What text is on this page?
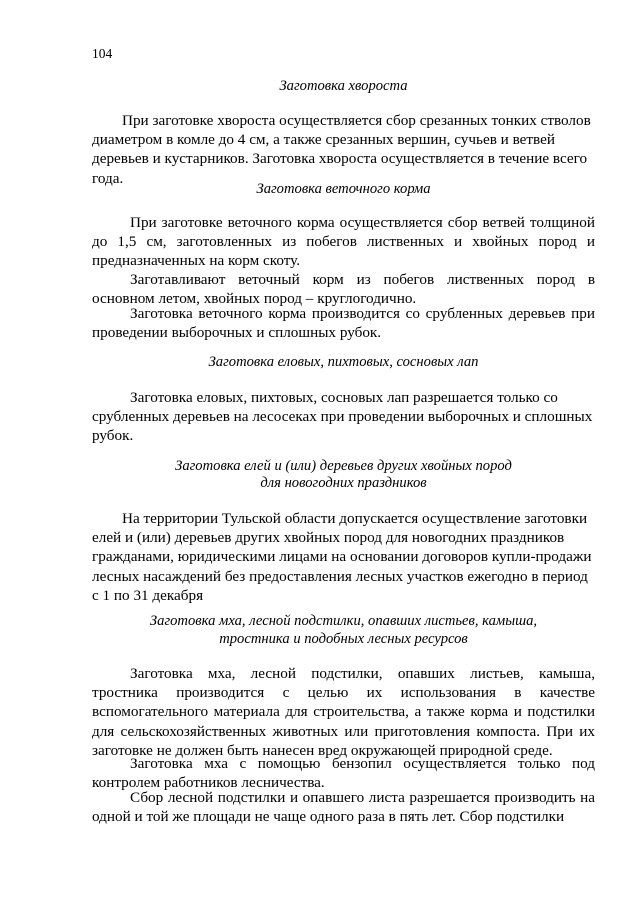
104
Заготовка хвороста
При заготовке хвороста осуществляется сбор срезанных тонких стволов диаметром в комле до 4 см, а также срезанных вершин, сучьев и ветвей деревьев и кустарников. Заготовка хвороста осуществляется в течение всего года.
Заготовка веточного корма
При заготовке веточного корма осуществляется сбор ветвей толщиной до 1,5 см, заготовленных из побегов лиственных и хвойных пород и предназначенных на корм скоту.
Заготавливают веточный корм из побегов лиственных пород в основном летом, хвойных пород – круглогодично.
Заготовка веточного корма производится со срубленных деревьев при проведении выборочных и сплошных рубок.
Заготовка еловых, пихтовых, сосновых лап
Заготовка еловых, пихтовых, сосновых лап разрешается только со срубленных деревьев на лесосеках при проведении выборочных и сплошных рубок.
Заготовка елей и (или) деревьев других хвойных пород
для новогодних праздников
На территории Тульской области допускается осуществление заготовки елей и (или) деревьев других хвойных пород для новогодних праздников гражданами, юридическими лицами на основании договоров купли-продажи лесных насаждений без предоставления лесных участков ежегодно в период с 1 по 31 декабря
Заготовка мха, лесной подстилки, опавших листьев, камыша,
тростника и подобных лесных ресурсов
Заготовка мха, лесной подстилки, опавших листьев, камыша, тростника производится с целью их использования в качестве вспомогательного материала для строительства, а также корма и подстилки для сельскохозяйственных животных или приготовления компоста. При их заготовке не должен быть нанесен вред окружающей природной среде.
Заготовка мха с помощью бензопил осуществляется только под контролем работников лесничества.
Сбор лесной подстилки и опавшего листа разрешается производить на одной и той же площади не чаще одного раза в пять лет. Сбор подстилки
